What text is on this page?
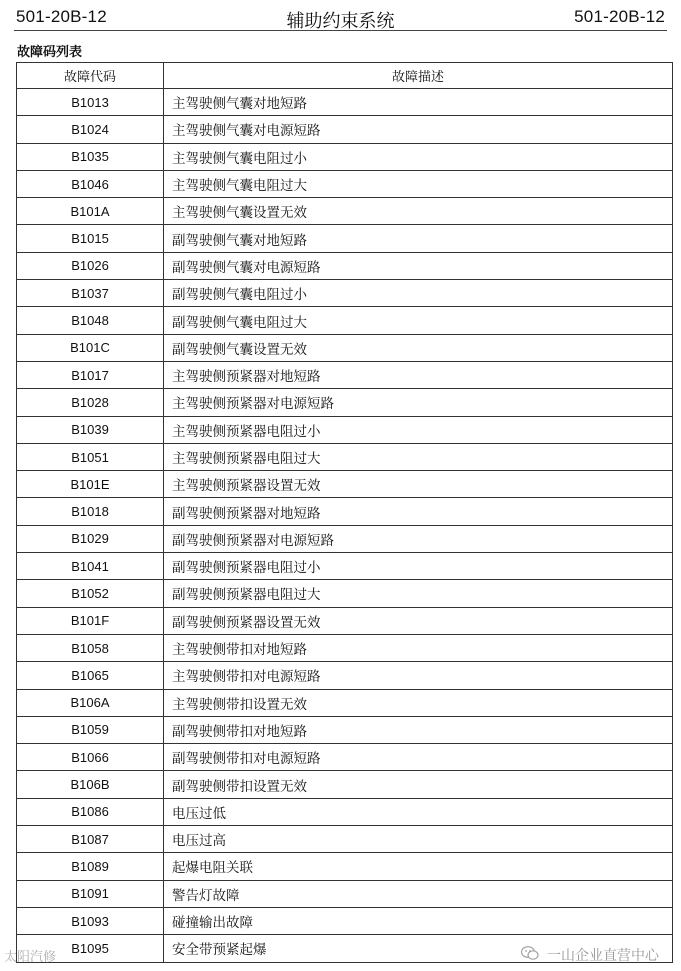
501-20B-12	辅助约束系统	501-20B-12
故障码列表
故障代码	故障描述
B1013	主驾驶侧气囊对地短路
B1024	主驾驶侧气囊对电源短路
B1035	主驾驶侧气囊电阻过小
B1046	主驾驶侧气囊电阻过大
B101A	主驾驶侧气囊设置无效
B1015	副驾驶侧气囊对地短路
B1026	副驾驶侧气囊对电源短路
B1037	副驾驶侧气囊电阻过小
B1048	副驾驶侧气囊电阻过大
B101C	副驾驶侧气囊设置无效
B1017	主驾驶侧预紧器对地短路
B1028	主驾驶侧预紧器对电源短路
B1039	主驾驶侧预紧器电阻过小
B1051	主驾驶侧预紧器电阻过大
B101E	主驾驶侧预紧器设置无效
B1018	副驾驶侧预紧器对地短路
B1029	副驾驶侧预紧器对电源短路
B1041	副驾驶侧预紧器电阻过小
B1052	副驾驶侧预紧器电阻过大
B101F	副驾驶侧预紧器设置无效
B1058	主驾驶侧带扣对地短路
B1065	主驾驶侧带扣对电源短路
B106A	主驾驶侧带扣设置无效
B1059	副驾驶侧带扣对地短路
B1066	副驾驶侧带扣对电源短路
B106B	副驾驶侧带扣设置无效
B1086	电压过低
B1087	电压过高
B1089	起爆电阻关联
B1091	警告灯故障
B1093	碰撞输出故障
B1095	安全带预紧起爆
太阳汽修	一山企业直营中心
